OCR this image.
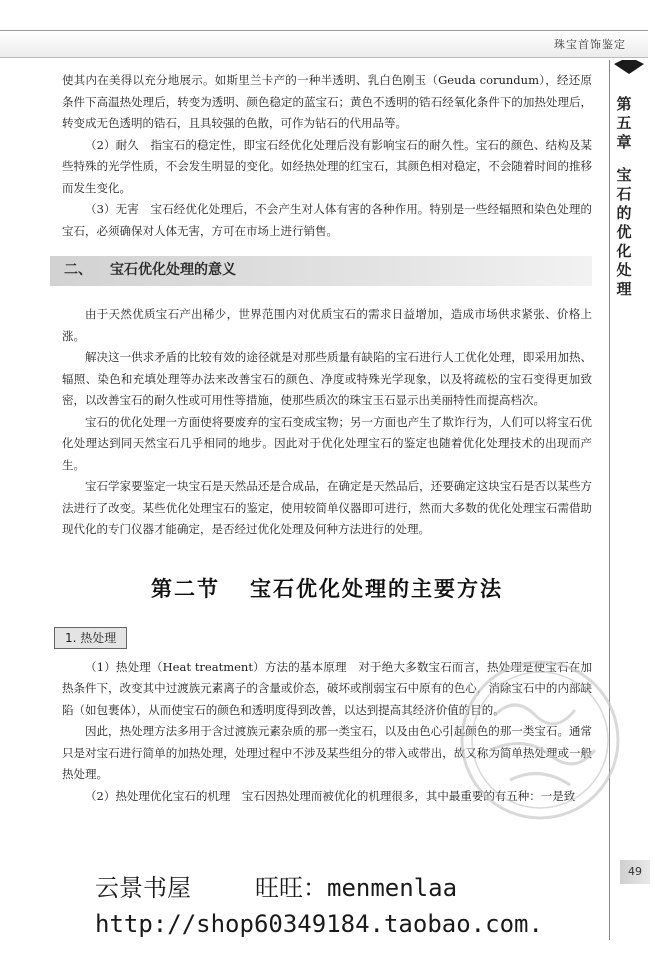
珠宝首饰鉴定

第
五
章
宝
石
的
优
化
处
理

使其内在美得以充分地展示。如斯里兰卡产的一种半透明、乳白色刚玉（Geuda corundum），经还原条件下高温热处理后，转变为透明、颜色稳定的蓝宝石；黄色不透明的锆石经氧化条件下的加热处理后，转变成无色透明的锆石，且具较强的色散，可作为钻石的代用品等。

（2）耐久　指宝石的稳定性，即宝石经优化处理后没有影响宝石的耐久性。宝石的颜色、结构及某些特殊的光学性质，不会发生明显的变化。如经热处理的红宝石，其颜色相对稳定，不会随着时间的推移而发生变化。

（3）无害　宝石经优化处理后，不会产生对人体有害的各种作用。特别是一些经辐照和染色处理的宝石，必须确保对人体无害，方可在市场上进行销售。

二、 宝石优化处理的意义

由于天然优质宝石产出稀少，世界范围内对优质宝石的需求日益增加，造成市场供求紧张、价格上涨。

解决这一供求矛盾的比较有效的途径就是对那些质量有缺陷的宝石进行人工优化处理，即采用加热、辐照、染色和充填处理等办法来改善宝石的颜色、净度或特殊光学现象，以及将疏松的宝石变得更加致密，以改善宝石的耐久性或可用性等措施，使那些质次的珠宝玉石显示出美丽特性而提高档次。

宝石的优化处理一方面使将要废弃的宝石变成宝物；另一方面也产生了欺诈行为，人们可以将宝石优化处理达到同天然宝石几乎相同的地步。因此对于优化处理宝石的鉴定也随着优化处理技术的出现而产生。

宝石学家要鉴定一块宝石是天然品还是合成品，在确定是天然品后，还要确定这块宝石是否以某些方法进行了改变。某些优化处理宝石的鉴定，使用较简单仪器即可进行，然而大多数的优化处理宝石需借助现代化的专门仪器才能确定，是否经过优化处理及何种方法进行的处理。

第二节 宝石优化处理的主要方法

1. 热处理

（1）热处理（Heat treatment）方法的基本原理　对于绝大多数宝石而言，热处理是使宝石在加热条件下，改变其中过渡族元素离子的含量或价态，破坏或削弱宝石中原有的色心，消除宝石中的内部缺陷（如包裹体），从而使宝石的颜色和透明度得到改善，以达到提高其经济价值的目的。

因此，热处理方法多用于含过渡族元素杂质的那一类宝石，以及由色心引起颜色的那一类宝石。通常只是对宝石进行简单的加热处理，处理过程中不涉及某些组分的带入或带出，故又称为简单热处理或一般热处理。

（2）热处理优化宝石的机理　宝石因热处理而被优化的机理很多，其中最重要的有五种：一是致

49

云景书屋	旺旺：menmenlaa

http://shop60349184.taobao.com.
